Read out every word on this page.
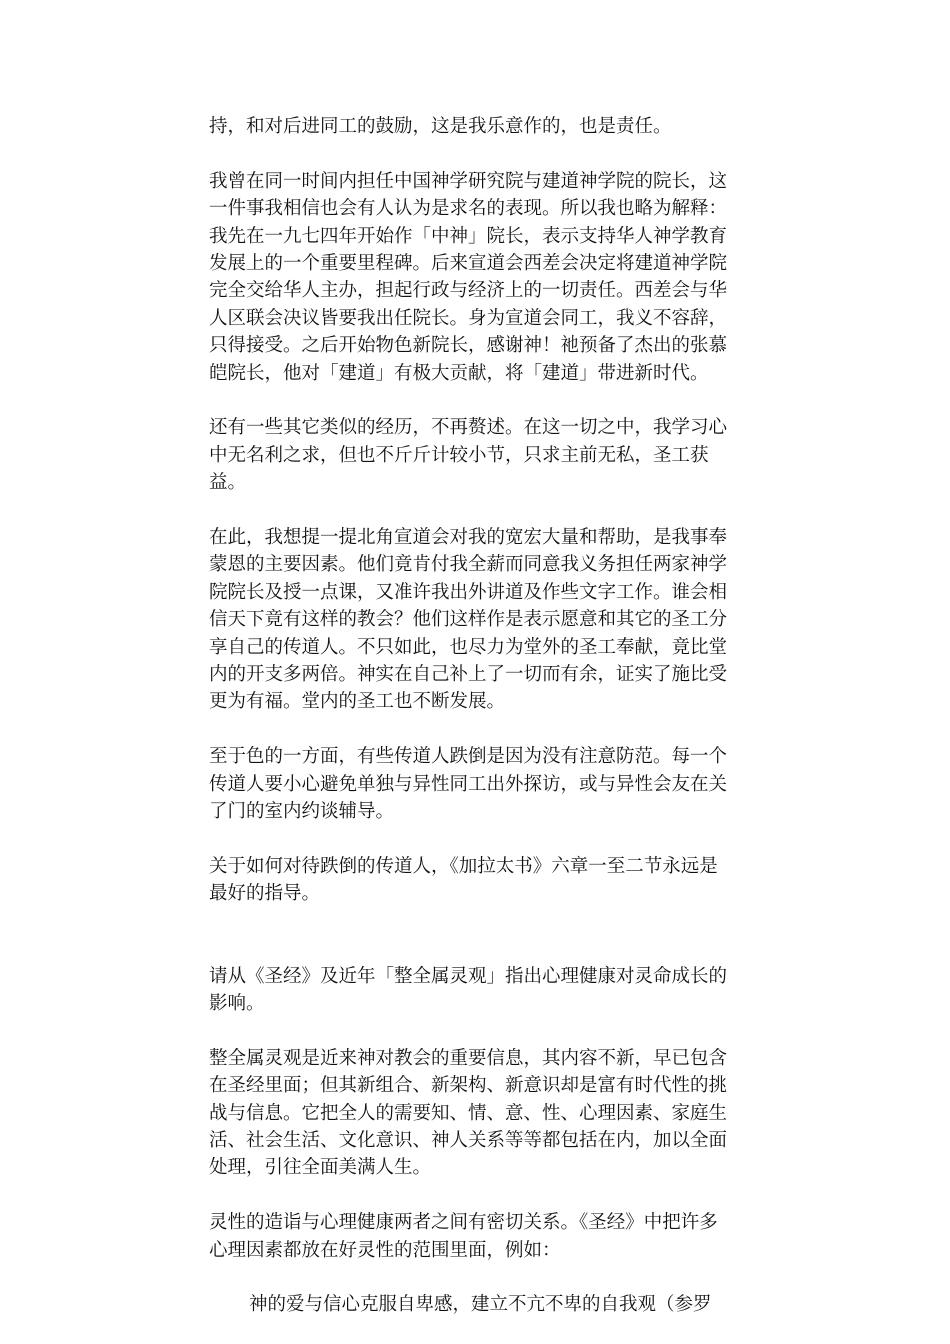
持，和对后进同工的鼓励，这是我乐意作的，也是责任。

我曾在同一时间内担任中国神学研究院与建道神学院的院长，这一件事我相信也会有人认为是求名的表现。所以我也略为解释：我先在一九七四年开始作「中神」院长，表示支持华人神学教育发展上的一个重要里程碑。后来宣道会西差会决定将建道神学院完全交给华人主办，担起行政与经济上的一切责任。西差会与华人区联会决议皆要我出任院长。身为宣道会同工，我义不容辞，只得接受。之后开始物色新院长，感谢神！祂预备了杰出的张慕皑院长，他对「建道」有极大贡献，将「建道」带进新时代。

还有一些其它类似的经历，不再赘述。在这一切之中，我学习心中无名利之求，但也不斤斤计较小节，只求主前无私，圣工获益。

在此，我想提一提北角宣道会对我的宽宏大量和帮助，是我事奉蒙恩的主要因素。他们竟肯付我全薪而同意我义务担任两家神学院院长及授一点课，又准许我出外讲道及作些文字工作。谁会相信天下竟有这样的教会？他们这样作是表示愿意和其它的圣工分享自己的传道人。不只如此，也尽力为堂外的圣工奉献，竟比堂内的开支多两倍。神实在自己补上了一切而有余，证实了施比受更为有福。堂内的圣工也不断发展。

至于色的一方面，有些传道人跌倒是因为没有注意防范。每一个传道人要小心避免单独与异性同工出外探访，或与异性会友在关了门的室内约谈辅导。

关于如何对待跌倒的传道人，《加拉太书》六章一至二节永远是最好的指导。

请从《圣经》及近年「整全属灵观」指出心理健康对灵命成长的影响。

整全属灵观是近来神对教会的重要信息，其内容不新，早已包含在圣经里面；但其新组合、新架构、新意识却是富有时代性的挑战与信息。它把全人的需要知、情、意、性、心理因素、家庭生活、社会生活、文化意识、神人关系等等都包括在内，加以全面处理，引往全面美满人生。

灵性的造诣与心理健康两者之间有密切关系。《圣经》中把许多心理因素都放在好灵性的范围里面，例如：

神的爱与信心克服自卑感，建立不亢不卑的自我观（参罗
